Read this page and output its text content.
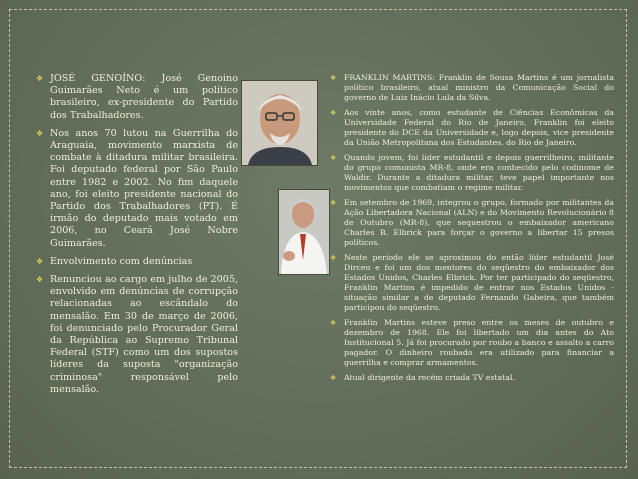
❖ JOSÉ GENOÍNO: José Genoino Guimarães Neto é um político brasileiro, ex-presidente do Partido dos Trabalhadores.
❖ Nos anos 70 lutou na Guerrilha do Araguaia, movimento marxista de combate à ditadura militar brasileira. Foi deputado federal por São Paulo entre 1982 e 2002. No fim daquele ano, foi eleito presidente nacional do Partido dos Trabalhadores (PT). É irmão do deputado mais votado em 2006, no Ceará José Nobre Guimarães.
❖ Envolvimento com denúncias
❖ Renunciou ao cargo em julho de 2005, envolvido em denúncias de corrupção relacionadas ao escândalo do mensalão. Em 30 de março de 2006, foi denunciado pelo Procurador Geral da República ao Supremo Tribunal Federal (STF) como um dos supostos líderes da suposta "organização criminosa" responsável pelo mensalão.
❖ FRANKLIN MARTINS: Franklin de Sousa Martins é um jornalista político brasileiro, atual ministro da Comunicação Social do governo de Luiz Inácio Lula da Silva.
❖ Aos vinte anos, como estudante de Ciências Econômicas da Universidade Federal do Rio de Janeiro, Franklin foi eleito presidente do DCE da Universidade e, logo depois, vice presidente da União Metropolitana dos Estudantes, do Rio de Janeiro.
❖ Quando jovem, foi líder estudantil e depois guerrilheiro, militante do grupo comunista MR-8, onde era conhecido pelo codinome de Waldir. Durante a ditadura militar, teve papel importante nos movimentos que combatiam o regime militar.
❖ Em setembro de 1969, integrou o grupo, formado por militantes da Ação Libertadora Nacional (ALN) e do Movimento Revolucionário 8 de Outubro (MR-8), que sequestrou o embaixador americano Charles B. Elbrick para forçar o governo a libertar 15 presos políticos.
❖ Neste período ele se aproximou do então líder estudantil José Dirceu e foi um dos mentores do seqüestro do embaixador dos Estados Unidos, Charles Elbrick. Por ter participado do seqüestro, Franklin Martins é impedido de entrar nos Estados Unidos - situação similar a de deputado Fernando Gabeira, que também participou do seqüestro.
❖ Franklin Martins esteve preso entre os meses de outubro e dezembro de 1968. Ele foi libertado um dia antes do Ato Institucional 5. Já foi procurado por roubo a banco e assalto a carro pagador. O dinheiro roubado era utilizado para financiar a guerrilha e comprar armamentos.
❖ Atual dirigente da recém criada TV estatal.
